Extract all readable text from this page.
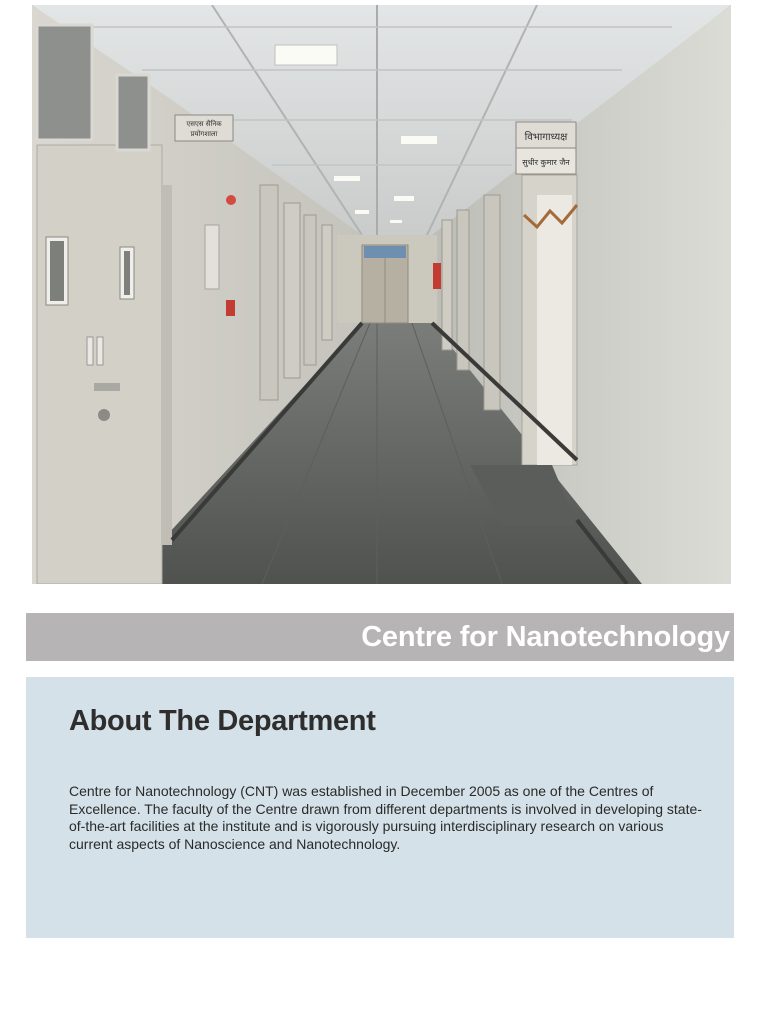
एसएस सैनिक
प्रयोगशाला	विभागाध्यक्ष
सुधीर कुमार जैन
Centre for Nanotechnology
About The Department

Centre for Nanotechnology (CNT) was established in December 2005 as one of the Centres of Excellence. The faculty of the Centre drawn from different departments is involved in developing state-of-the-art facilities at the institute and is vigorously pursuing interdisciplinary research on various current aspects of Nanoscience and Nanotechnology.
